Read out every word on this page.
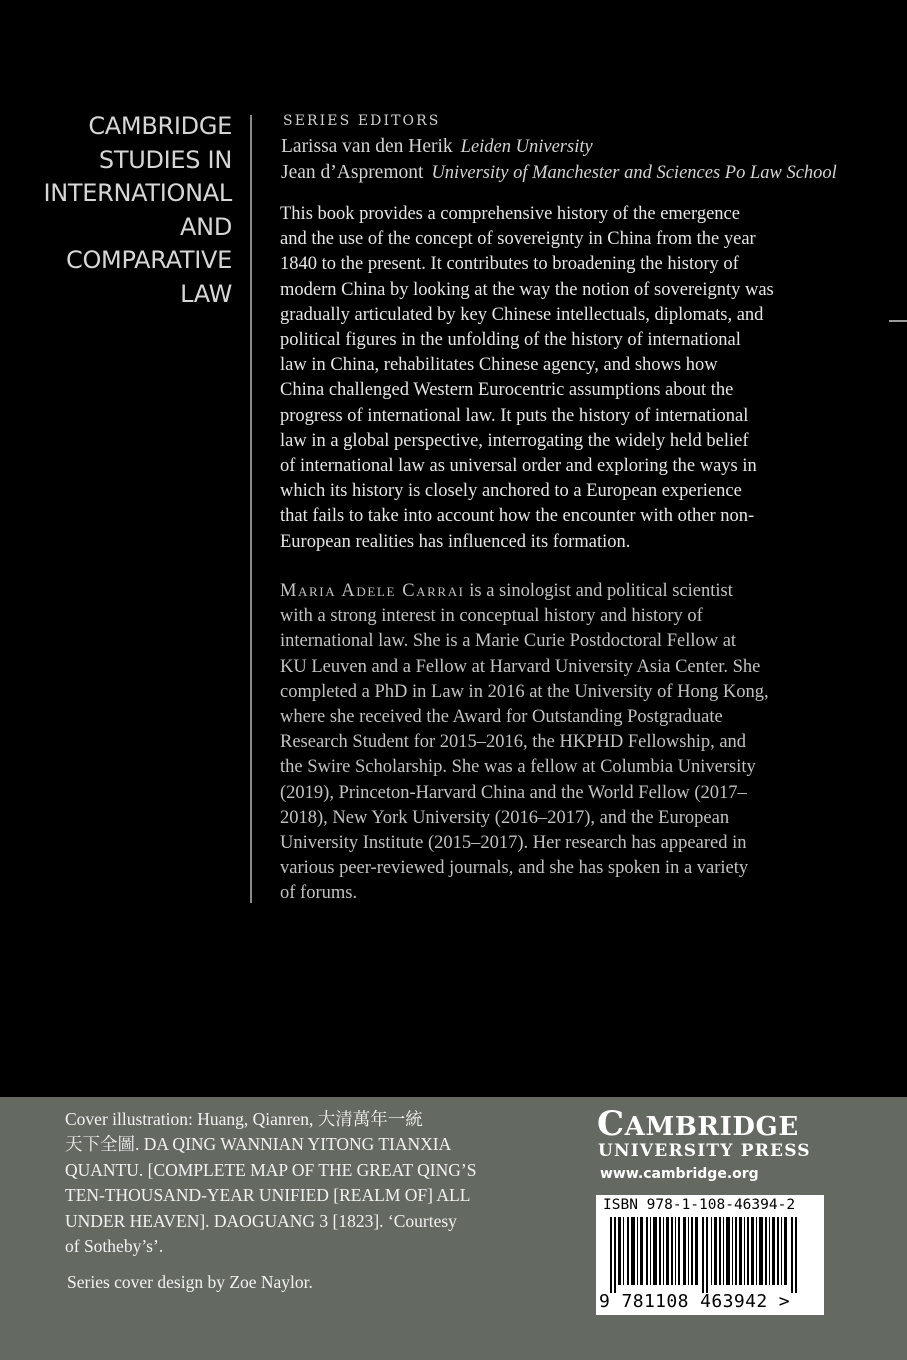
CAMBRIDGE
STUDIES IN
INTERNATIONAL
AND
COMPARATIVE
LAW
SERIES EDITORS
Larissa van den Herik Leiden University
Jean d’Aspremont University of Manchester and Sciences Po Law School
This book provides a comprehensive history of the emergence
and the use of the concept of sovereignty in China from the year
1840 to the present. It contributes to broadening the history of
modern China by looking at the way the notion of sovereignty was
gradually articulated by key Chinese intellectuals, diplomats, and
political figures in the unfolding of the history of international
law in China, rehabilitates Chinese agency, and shows how
China challenged Western Eurocentric assumptions about the
progress of international law. It puts the history of international
law in a global perspective, interrogating the widely held belief
of international law as universal order and exploring the ways in
which its history is closely anchored to a European experience
that fails to take into account how the encounter with other non-
European realities has influenced its formation.
Maria Adele Carrai is a sinologist and political scientist
with a strong interest in conceptual history and history of
international law. She is a Marie Curie Postdoctoral Fellow at
KU Leuven and a Fellow at Harvard University Asia Center. She
completed a PhD in Law in 2016 at the University of Hong Kong,
where she received the Award for Outstanding Postgraduate
Research Student for 2015–2016, the HKPHD Fellowship, and
the Swire Scholarship. She was a fellow at Columbia University
(2019), Princeton-Harvard China and the World Fellow (2017–
2018), New York University (2016–2017), and the European
University Institute (2015–2017). Her research has appeared in
various peer-reviewed journals, and she has spoken in a variety
of forums.
Cover illustration: Huang, Qianren, 大清萬年一統
天下全圖. DA QING WANNIAN YITONG TIANXIA
QUANTU. [COMPLETE MAP OF THE GREAT QING’S
TEN-THOUSAND-YEAR UNIFIED [REALM OF] ALL
UNDER HEAVEN]. DAOGUANG 3 [1823]. ‘Courtesy
of Sotheby’s’.
Series cover design by Zoe Naylor.
CAMBRIDGE
UNIVERSITY PRESS
www.cambridge.org
ISBN 978-1-108-46394-2
9 781108 463942 >
